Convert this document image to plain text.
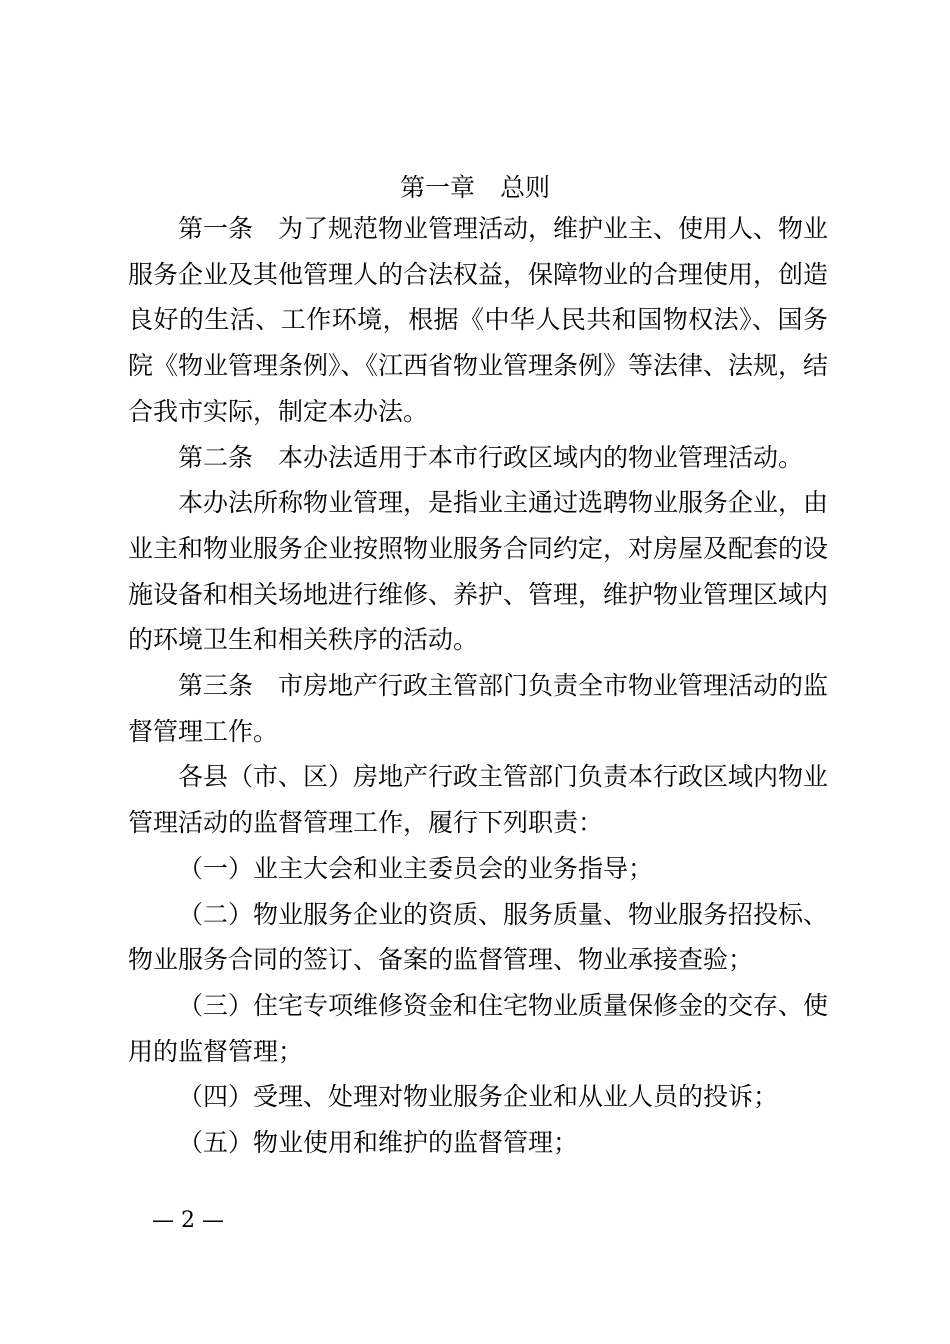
第一章　总则

第一条　为了规范物业管理活动，维护业主、使用人、物业服务企业及其他管理人的合法权益，保障物业的合理使用，创造良好的生活、工作环境，根据《中华人民共和国物权法》、国务院《物业管理条例》、《江西省物业管理条例》等法律、法规，结合我市实际，制定本办法。

第二条　本办法适用于本市行政区域内的物业管理活动。

本办法所称物业管理，是指业主通过选聘物业服务企业，由业主和物业服务企业按照物业服务合同约定，对房屋及配套的设施设备和相关场地进行维修、养护、管理，维护物业管理区域内的环境卫生和相关秩序的活动。

第三条　市房地产行政主管部门负责全市物业管理活动的监督管理工作。

各县（市、区）房地产行政主管部门负责本行政区域内物业管理活动的监督管理工作，履行下列职责：

（一）业主大会和业主委员会的业务指导；

（二）物业服务企业的资质、服务质量、物业服务招投标、物业服务合同的签订、备案的监督管理、物业承接查验；

（三）住宅专项维修资金和住宅物业质量保修金的交存、使用的监督管理；

（四）受理、处理对物业服务企业和从业人员的投诉；

（五）物业使用和维护的监督管理；

— 2 —
